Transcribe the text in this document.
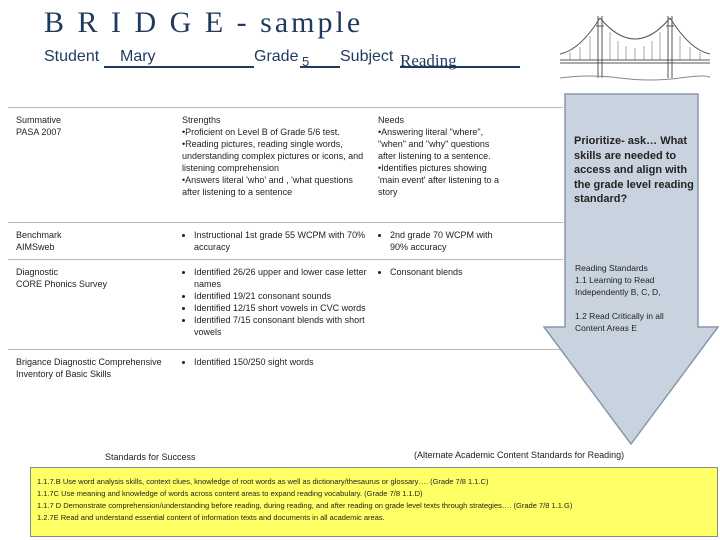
B R I D G E - sample
Student Mary	Grade 5 Subject Reading
Summative
PASA 2007
Strengths
•Proficient on Level B of Grade 5/6 test.
•Reading pictures, reading single words, understanding complex pictures or icons, and listening comprehension
•Answers literal 'who' and , 'what questions after listening to a sentence
Needs
•Answering literal "where", "when" and "why" questions after listening to a sentence.
•Identifies pictures showing 'main event' after listening to a story
Benchmark
AIMSweb
• Instructional 1st grade 55 WCPM with 70% accuracy
• 2nd grade 70 WCPM with 90% accuracy
Diagnostic
CORE Phonics Survey
• Identified 26/26 upper and lower case letter names
• Identified 19/21 consonant sounds
• Identified 12/15 short vowels in CVC words
• Identified 7/15 consonant blends with short vowels
• Consonant blends
Brigance Diagnostic Comprehensive
Inventory of Basic Skills
• Identified 150/250 sight words
Prioritize- ask… What skills are needed to access and align with the grade level reading standard?
Reading Standards
1.1 Learning to Read
Independently B, C, D,
1.2 Read Critically in all
Content Areas E
Standards for Success	(Alternate Academic Content Standards for Reading)
1.1.7.B Use word analysis skills, context clues, knowledge of root words as well as dictionary/thesaurus or glossary…. (Grade 7/8 1.1.C)
1.1.7C Use meaning and knowledge of words across content areas to expand reading vocabulary. (Grade 7/8 1.1.D)
1.1.7 D Demonstrate comprehension/understanding before reading, during reading, and after reading on grade level texts through strategies…. (Grade 7/8 1.1.G)
1.2.7E Read and understand essential content of information texts and documents in all academic areas.
